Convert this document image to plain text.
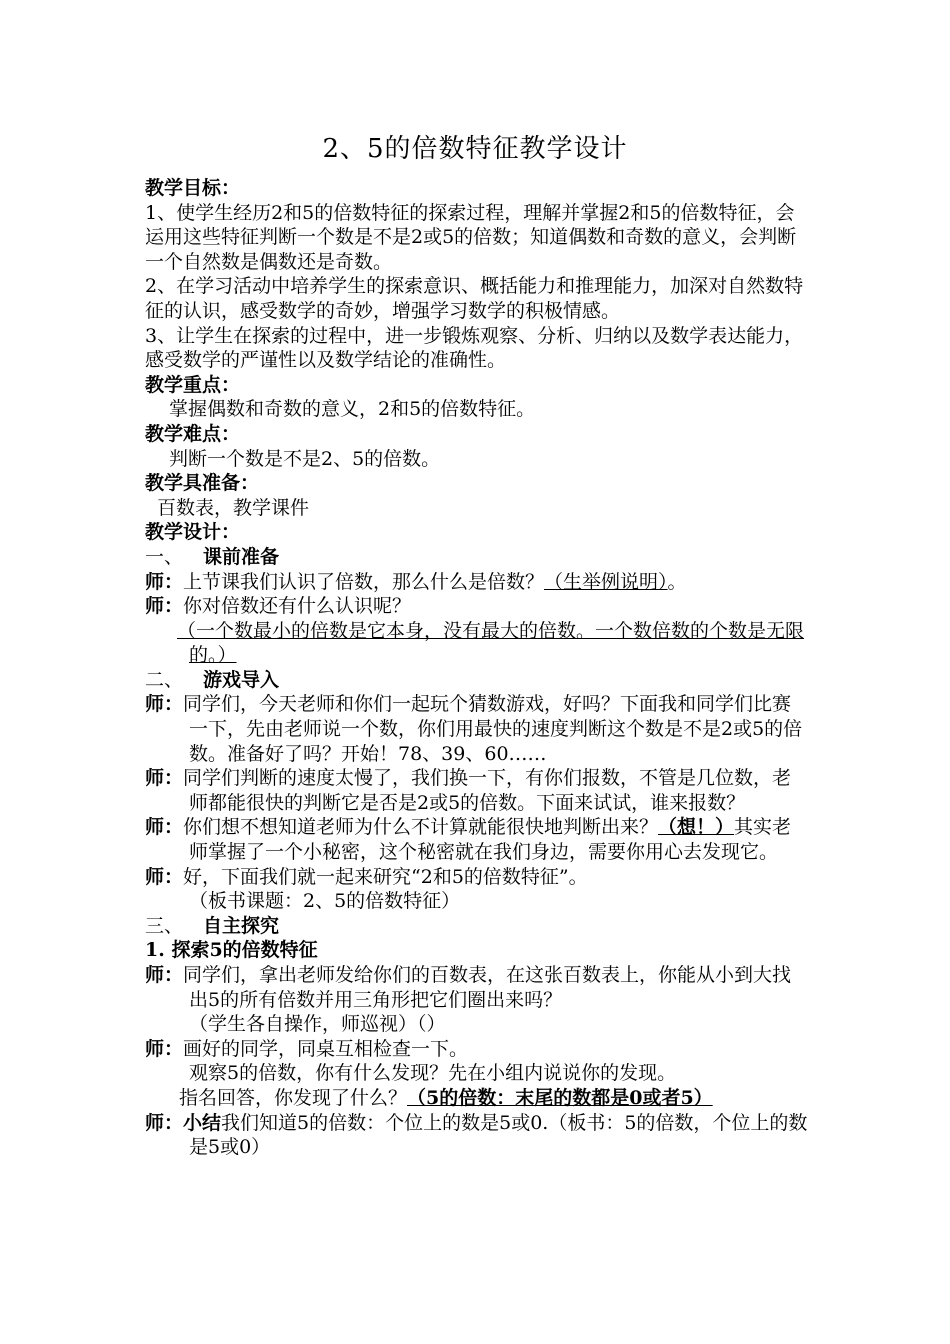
2、5的倍数特征教学设计

教学目标：

1、使学生经历2和5的倍数特征的探索过程，理解并掌握2和5的倍数特征，会运用这些特征判断一个数是不是2或5的倍数；知道偶数和奇数的意义，会判断一个自然数是偶数还是奇数。

2、在学习活动中培养学生的探索意识、概括能力和推理能力，加深对自然数特征的认识，感受数学的奇妙，增强学习数学的积极情感。

3、让学生在探索的过程中，进一步锻炼观察、分析、归纳以及数学表达能力，感受数学的严谨性以及数学结论的准确性。

教学重点：

掌握偶数和奇数的意义，2和5的倍数特征。

教学难点：

判断一个数是不是2、5的倍数。

教学具准备：

百数表，教学课件

教学设计：

一、 课前准备

师：上节课我们认识了倍数，那么什么是倍数？（生举例说明）。

师：你对倍数还有什么认识呢？

（一个数最小的倍数是它本身，没有最大的倍数。一个数倍数的个数是无限的。）

二、 游戏导入

师：同学们，今天老师和你们一起玩个猜数游戏，好吗？下面我和同学们比赛一下，先由老师说一个数，你们用最快的速度判断这个数是不是2或5的倍数。准备好了吗？开始！78、39、60……

师：同学们判断的速度太慢了，我们换一下，有你们报数，不管是几位数，老师都能很快的判断它是否是2或5的倍数。下面来试试，谁来报数？

师：你们想不想知道老师为什么不计算就能很快地判断出来？（想！）其实老师掌握了一个小秘密，这个秘密就在我们身边，需要你用心去发现它。

师：好，下面我们就一起来研究“2和5的倍数特征”。

（板书课题：2、5的倍数特征）

三、 自主探究

1. 探索5的倍数特征

师：同学们，拿出老师发给你们的百数表，在这张百数表上，你能从小到大找出5的所有倍数并用三角形把它们圈出来吗？

（学生各自操作，师巡视）（）

师：画好的同学，同桌互相检查一下。

观察5的倍数，你有什么发现？先在小组内说说你的发现。

指名回答，你发现了什么？（5的倍数：末尾的数都是0或者5）

师：小结我们知道5的倍数：个位上的数是5或0.（板书：5的倍数，个位上的数是5或0）
